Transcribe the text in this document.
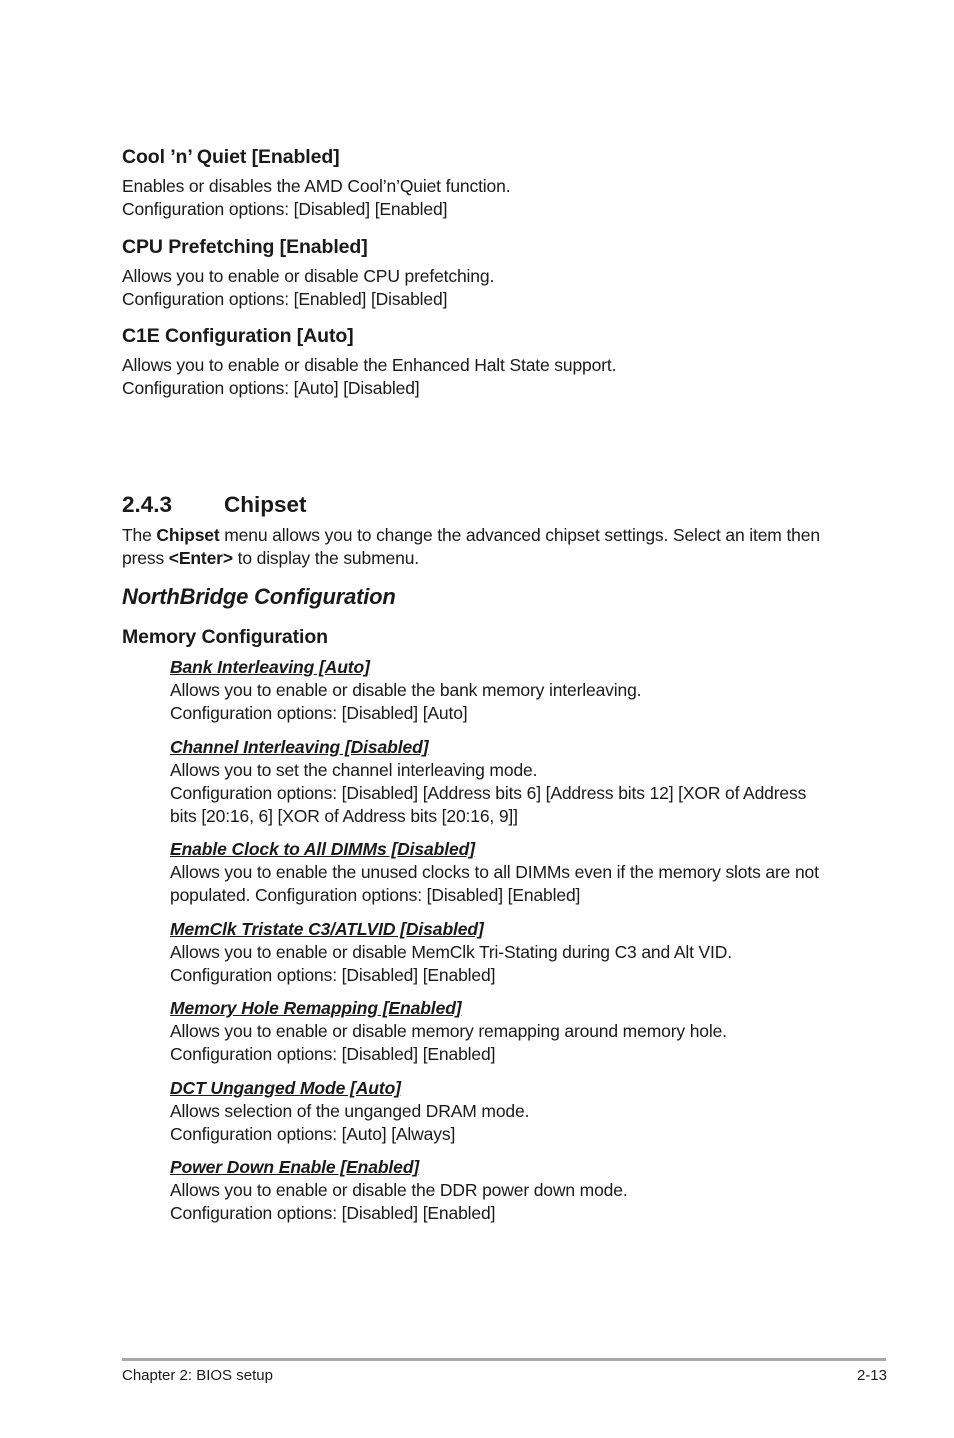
Cool ’n’ Quiet [Enabled]

Enables or disables the AMD Cool’n’Quiet function.
Configuration options: [Disabled] [Enabled]

CPU Prefetching [Enabled]

Allows you to enable or disable CPU prefetching.
Configuration options: [Enabled] [Disabled]

C1E Configuration [Auto]

Allows you to enable or disable the Enhanced Halt State support.
Configuration options: [Auto] [Disabled]

2.4.3 Chipset

The Chipset menu allows you to change the advanced chipset settings. Select an item then
press <Enter> to display the submenu.

NorthBridge Configuration
Memory Configuration
Bank Interleaving [Auto]

Allows you to enable or disable the bank memory interleaving.
Configuration options: [Disabled] [Auto]

Channel Interleaving [Disabled]

Allows you to set the channel interleaving mode.
Configuration options: [Disabled] [Address bits 6] [Address bits 12] [XOR of Address
bits [20:16, 6] [XOR of Address bits [20:16, 9]]

Enable Clock to All DIMMs [Disabled]

Allows you to enable the unused clocks to all DIMMs even if the memory slots are not
populated. Configuration options: [Disabled] [Enabled]

MemClk Tristate C3/ATLVID [Disabled]

Allows you to enable or disable MemClk Tri-Stating during C3 and Alt VID.
Configuration options: [Disabled] [Enabled]

Memory Hole Remapping [Enabled]

Allows you to enable or disable memory remapping around memory hole.
Configuration options: [Disabled] [Enabled]

DCT Unganged Mode [Auto]

Allows selection of the unganged DRAM mode.
Configuration options: [Auto] [Always]

Power Down Enable [Enabled]

Allows you to enable or disable the DDR power down mode.
Configuration options: [Disabled] [Enabled]

Chapter 2: BIOS setup	2-13
